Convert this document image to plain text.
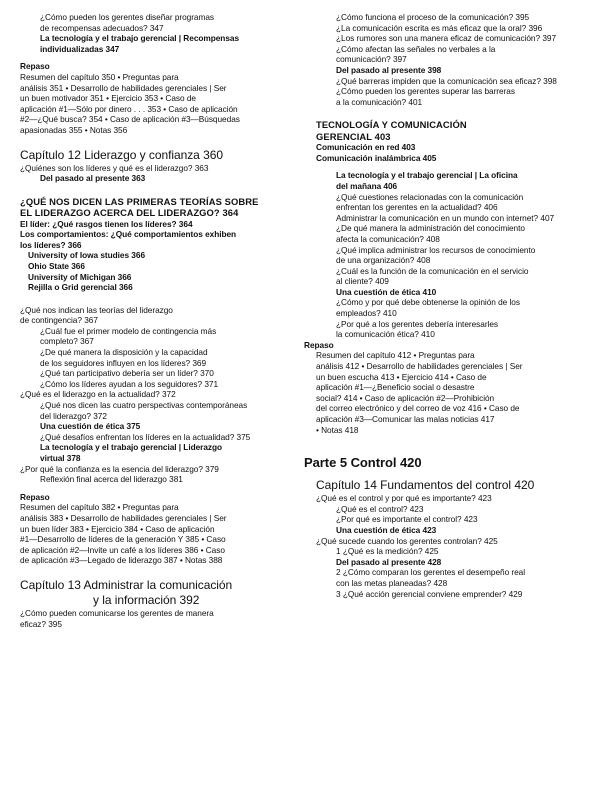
¿Cómo pueden los gerentes diseñar programas
de recompensas adecuados? 347
La tecnología y el trabajo gerencial | Recompensas
individualizadas 347
Repaso
Resumen del capítulo 350 • Preguntas para
análisis 351 • Desarrollo de habilidades gerenciales | Ser
un buen motivador 351 • Ejercicio 353 • Caso de
aplicación #1—Sólo por dinero . . . 353 • Caso de aplicación
#2—¿Qué busca? 354 • Caso de aplicación #3—Búsquedas
apasionadas 355 • Notas 356
Capítulo 12 Liderazgo y confianza 360
¿Quiénes son los líderes y qué es el liderazgo? 363
Del pasado al presente 363
¿QUÉ NOS DICEN LAS PRIMERAS TEORÍAS SOBRE
EL LIDERAZGO ACERCA DEL LIDERAZGO? 364
El líder: ¿Qué rasgos tienen los líderes? 364
Los comportamientos: ¿Qué comportamientos exhiben
los líderes? 366
University of Iowa studies 366
Ohio State 366
University of Michigan 366
Rejilla o Grid gerencial 366
¿Qué nos indican las teorías del liderazgo
de contingencia? 367
¿Cuál fue el primer modelo de contingencia más
completo? 367
¿De qué manera la disposición y la capacidad
de los seguidores influyen en los líderes? 369
¿Qué tan participativo debería ser un líder? 370
¿Cómo los líderes ayudan a los seguidores? 371
¿Qué es el liderazgo en la actualidad? 372
¿Qué nos dicen las cuatro perspectivas contemporáneas
del liderazgo? 372
Una cuestión de ética 375
¿Qué desafíos enfrentan los líderes en la actualidad? 375
La tecnología y el trabajo gerencial | Liderazgo
virtual 378
¿Por qué la confianza es la esencia del liderazgo? 379
Reflexión final acerca del liderazgo 381
Repaso
Resumen del capítulo 382 • Preguntas para
análisis 383 • Desarrollo de habilidades gerenciales | Ser
un buen líder 383 • Ejercicio 384 • Caso de aplicación
#1—Desarrollo de líderes de la generación Y 385 • Caso
de aplicación #2—Invite un café a los líderes 386 • Caso
de aplicación #3—Legado de liderazgo 387 • Notas 388
Capítulo 13 Administrar la comunicación
y la información 392
¿Cómo pueden comunicarse los gerentes de manera
eficaz? 395
¿Cómo funciona el proceso de la comunicación? 395
¿La comunicación escrita es más eficaz que la oral? 396
¿Los rumores son una manera eficaz de comunicación? 397
¿Cómo afectan las señales no verbales a la
comunicación? 397
Del pasado al presente 398
¿Qué barreras impiden que la comunicación sea eficaz? 398
¿Cómo pueden los gerentes superar las barreras
a la comunicación? 401
TECNOLOGÍA Y COMUNICACIÓN
GERENCIAL 403
Comunicación en red 403
Comunicación inalámbrica 405
La tecnología y el trabajo gerencial | La oficina
del mañana 406
¿Qué cuestiones relacionadas con la comunicación
enfrentan los gerentes en la actualidad? 406
Administrar la comunicación en un mundo con internet? 407
¿De qué manera la administración del conocimiento
afecta la comunicación? 408
¿Qué implica administrar los recursos de conocimiento
de una organización? 408
¿Cuál es la función de la comunicación en el servicio
al cliente? 409
Una cuestión de ética 410
¿Cómo y por qué debe obtenerse la opinión de los
empleados? 410
¿Por qué a los gerentes debería interesarles
la comunicación ética? 410
Repaso
Resumen del capítulo 412 • Preguntas para
análisis 412 • Desarrollo de habilidades gerenciales | Ser
un buen escucha 413 • Ejercicio 414 • Caso de
aplicación #1—¿Beneficio social o desastre
social? 414 • Caso de aplicación #2—Prohibición
del correo electrónico y del correo de voz 416 • Caso de
aplicación #3—Comunicar las malas noticias 417
• Notas 418
Parte 5 Control 420
Capítulo 14 Fundamentos del control 420
¿Qué es el control y por qué es importante? 423
¿Qué es el control? 423
¿Por qué es importante el control? 423
Una cuestión de ética 423
¿Qué sucede cuando los gerentes controlan? 425
1 ¿Qué es la medición? 425
Del pasado al presente 428
2 ¿Cómo comparan los gerentes el desempeño real
con las metas planeadas? 428
3 ¿Qué acción gerencial conviene emprender? 429
